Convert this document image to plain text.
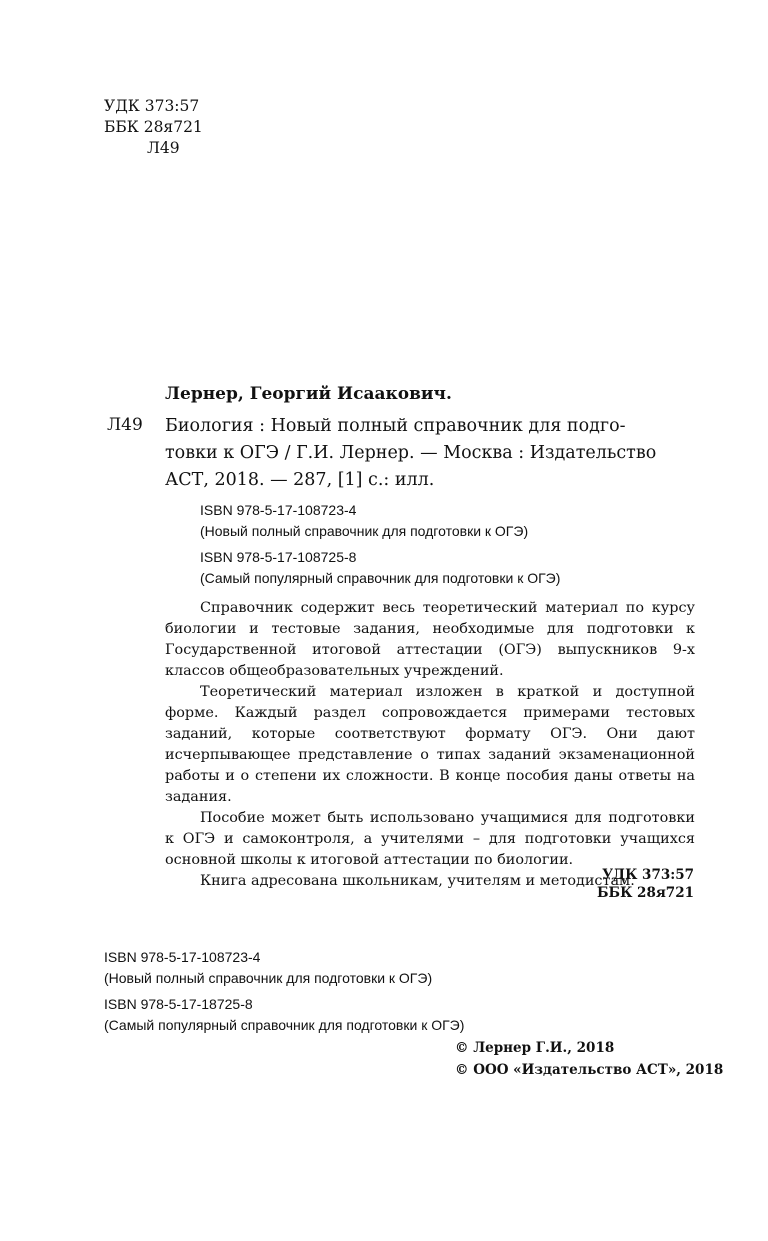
УДК 373:57
ББК 28я721
Л49
Лернер, Георгий Исаакович.
Л49 Биология : Новый полный справочник для подго-
товки к ОГЭ / Г.И. Лернер. — Москва : Издательство
АСТ, 2018. — 287, [1] с.: илл.
ISBN 978-5-17-108723-4
(Новый полный справочник для подготовки к ОГЭ)
ISBN 978-5-17-108725-8
(Самый популярный справочник для подготовки к ОГЭ)

Справочник содержит весь теоретический материал по курсу биологии и тестовые задания, необходимые для подготовки к Государственной итоговой аттестации (ОГЭ) выпускников 9-х классов общеобразовательных учреждений.

Теоретический материал изложен в краткой и доступной форме. Каждый раздел сопровождается примерами тестовых заданий, которые соответствуют формату ОГЭ. Они дают исчерпывающее представление о типах заданий экзаменационной работы и о степени их сложности. В конце пособия даны ответы на задания.

Пособие может быть использовано учащимися для подготовки к ОГЭ и самоконтроля, а учителями – для подготовки учащихся основной школы к итоговой аттестации по биологии.

Книга адресована школьникам, учителям и методистам.

УДК 373:57
ББК 28я721
ISBN 978-5-17-108723-4
(Новый полный справочник для подготовки к ОГЭ)
ISBN 978-5-17-18725-8
(Самый популярный справочник для подготовки к ОГЭ)
© Лернер Г.И., 2018
© ООО «Издательство АСТ», 2018
